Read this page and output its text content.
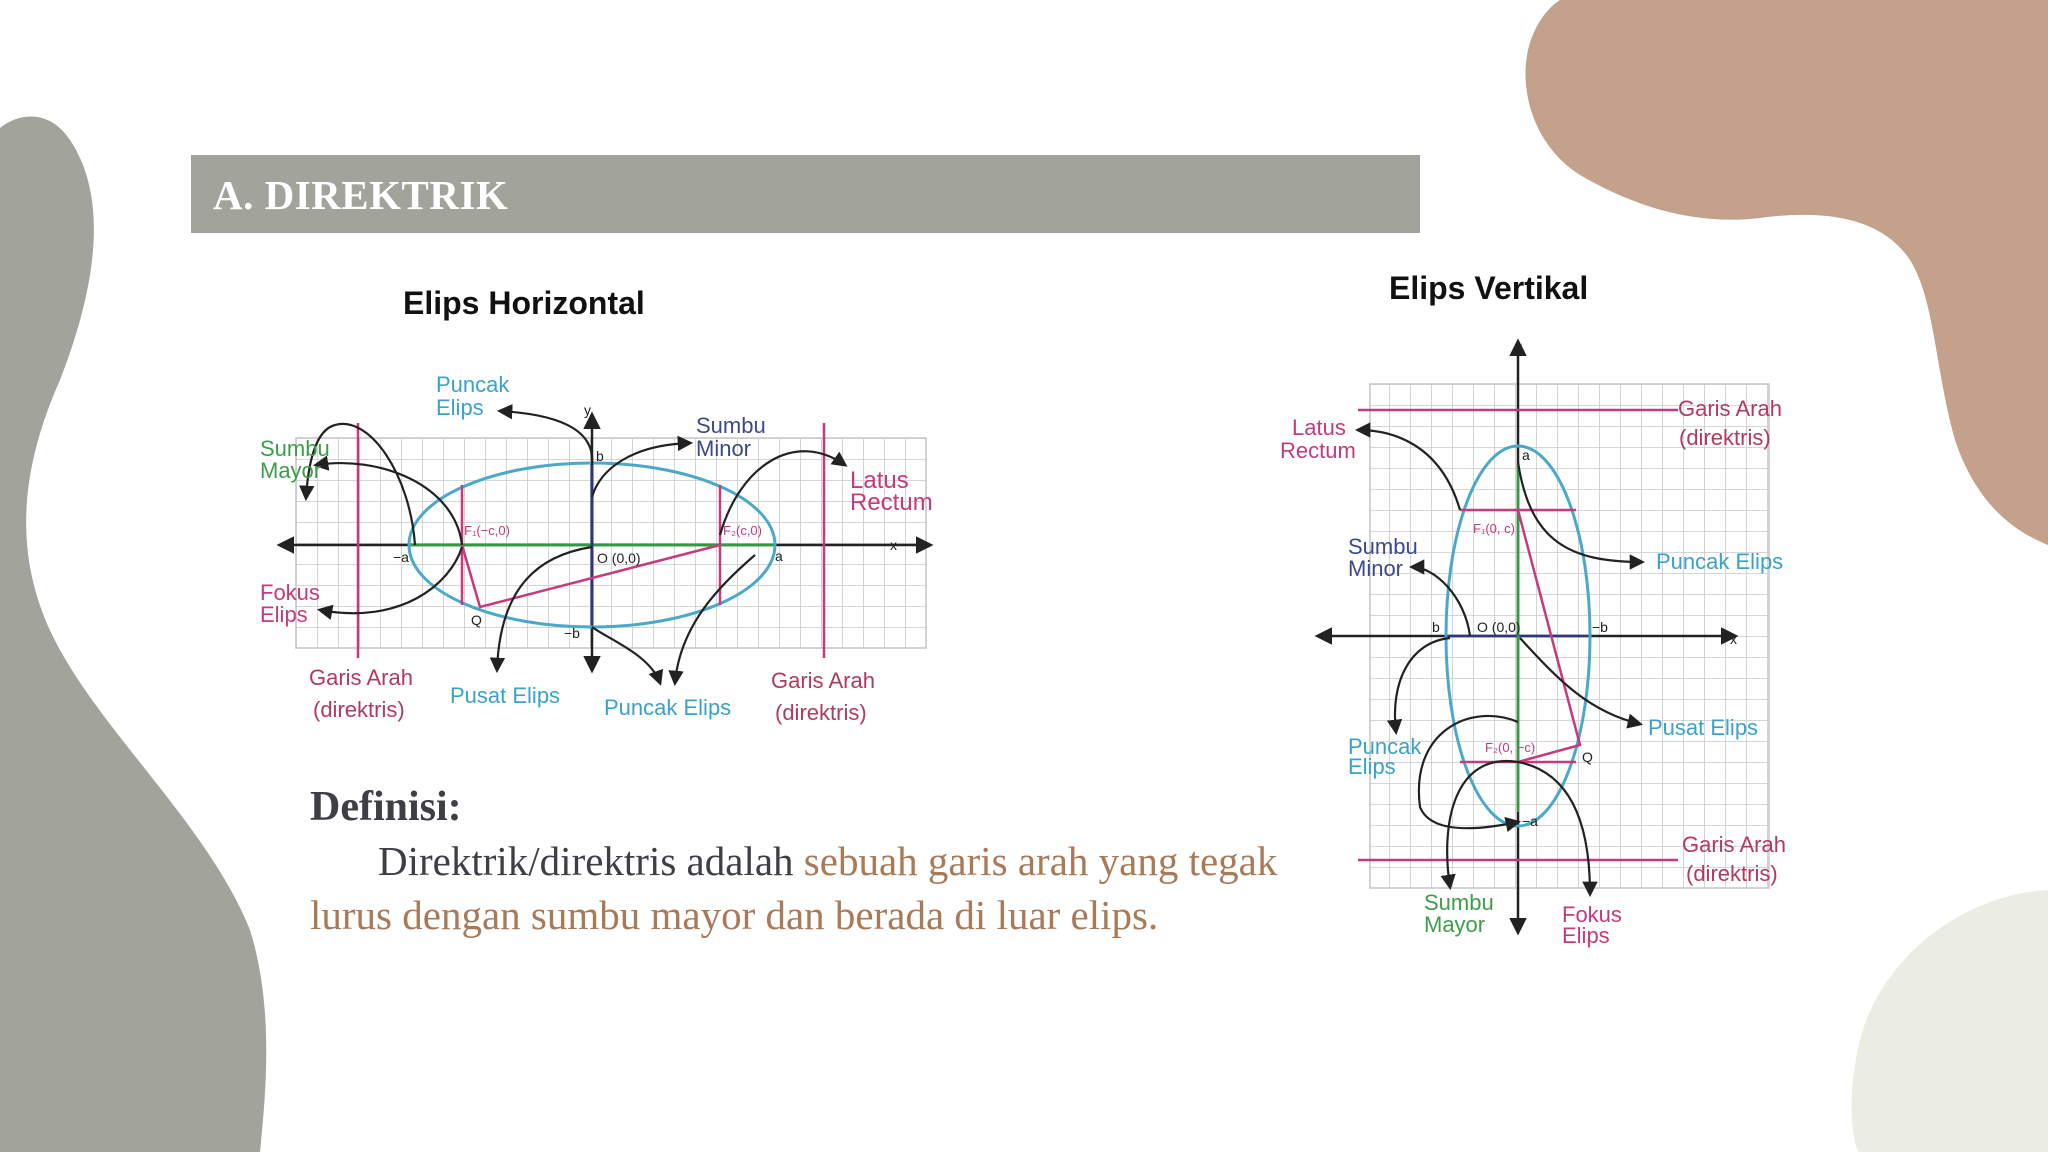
A. DIREKTRIK
Elips Horizontal
Puncak Elips
Sumbu Minor
Sumbu Mayor	Latus Rectum
Fokus Elips
Garis Arah (direktris)
Garis Arah (direktris)
Pusat Elips Puncak Elips
F₁(−c,0)	F₂(c,0)
O (0,0)
−a	a
b
−b
Q
x
y
Elips Vertikal
Latus Rectum
Garis Arah (direktris)
Sumbu Minor	Puncak Elips
Pusat Elips
Puncak Elips
Garis Arah (direktris)
Sumbu Mayor	Fokus Elips
F₁(0, c)
F₂(0, −c)
O (0,0)
a
−a
b	−b
Q
x
y
Definisi:
Direktrik/direktris adalah sebuah garis arah yang tegak lurus dengan sumbu mayor dan berada di luar elips.
